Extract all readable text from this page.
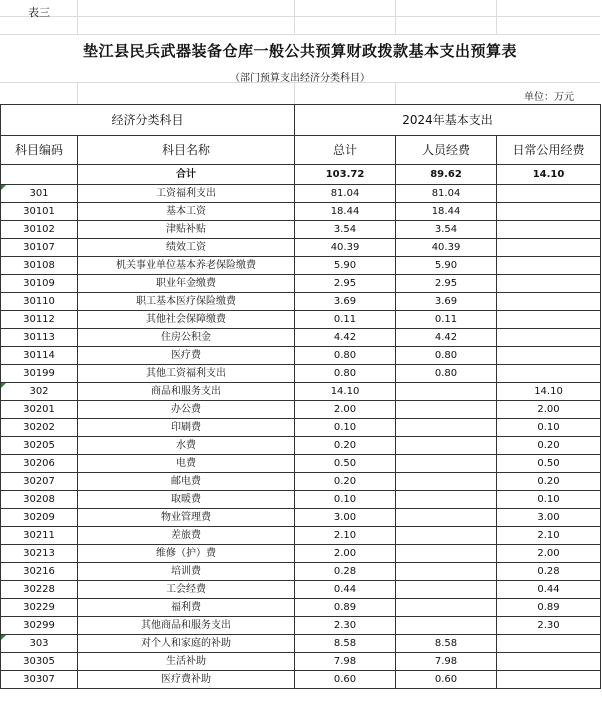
表三
垫江县民兵武器装备仓库一般公共预算财政拨款基本支出预算表
（部门预算支出经济分类科目）
单位：万元
经济分类科目		2024年基本支出		
科目编码	科目名称	总计	人员经费	日常公用经费
	合计	103.72	89.62	14.10

301	工资福利支出	81.04	81.04	
30101	基本工资	18.44	18.44	
30102	津贴补贴	3.54	3.54	
30107	绩效工资	40.39	40.39	
30108	机关事业单位基本养老保险缴费	5.90	5.90	
30109	职业年金缴费	2.95	2.95	
30110	职工基本医疗保险缴费	3.69	3.69	
30112	其他社会保障缴费	0.11	0.11	
30113	住房公积金	4.42	4.42	
30114	医疗费	0.80	0.80	
30199	其他工资福利支出	0.80	0.80	

302	商品和服务支出	14.10		14.10
30201	办公费	2.00		2.00
30202	印刷费	0.10		0.10
30205	水费	0.20		0.20
30206	电费	0.50		0.50
30207	邮电费	0.20		0.20
30208	取暖费	0.10		0.10
30209	物业管理费	3.00		3.00
30211	差旅费	2.10		2.10
30213	维修（护）费	2.00		2.00
30216	培训费	0.28		0.28
30228	工会经费	0.44		0.44
30229	福利费	0.89		0.89
30299	其他商品和服务支出	2.30		2.30

303	对个人和家庭的补助	8.58	8.58	
30305	生活补助	7.98	7.98	
30307	医疗费补助	0.60	0.60	
